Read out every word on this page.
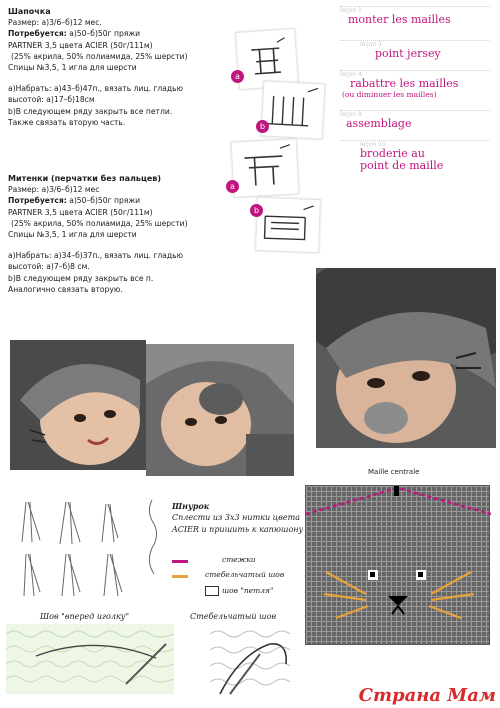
Шапочка
Размер: а)3/6–б)12 мес.
Потребуется: а)50–б)50г пряжи
PARTNER 3,5 цвета ACIER (50г/111м)
(25% акрила, 50% полиамида, 25% шерсти)
Спицы №3,5, 1 игла для шерсти
а)Набрать: а)43–б)47п., вязать лиц. гладью
высотой: а)17–б)18см
b)В следующем ряду закрыть все петли.
Также связать вторую часть.
Митенки (перчатки без пальцев)
Размер: а)3/6–б)12 мес
Потребуется: а)50–б)50г пряжи
PARTNER 3,5 цвета ACIER (50г/111м)
(25% акрила, 50% полиамида, 25% шерсти)
Спицы №3,5, 1 игла для шерсти
а)Набрать: а)34–б)37п., вязать лиц. гладью
высотой: а)7–б)8 см.
b)В следующем ряду закрыть все п.
Аналогично связать вторую.
a
b
a
b
leçon 1
monter les mailles
leçon 3
point jersey
leçon 4
rabattre les mailles
(ou diminuer les mailles)
leçon 9
assemblage
leçon 10
broderie au point de maille
Шнурок
Сплести из 3х3 нитки цвета
ACIER и пришить к капюшону
стежки
стебельчатый шов
шов "петля"
Maille centrale
Шов "вперед иголку"	Стебельчатый шов
Страна Мам
